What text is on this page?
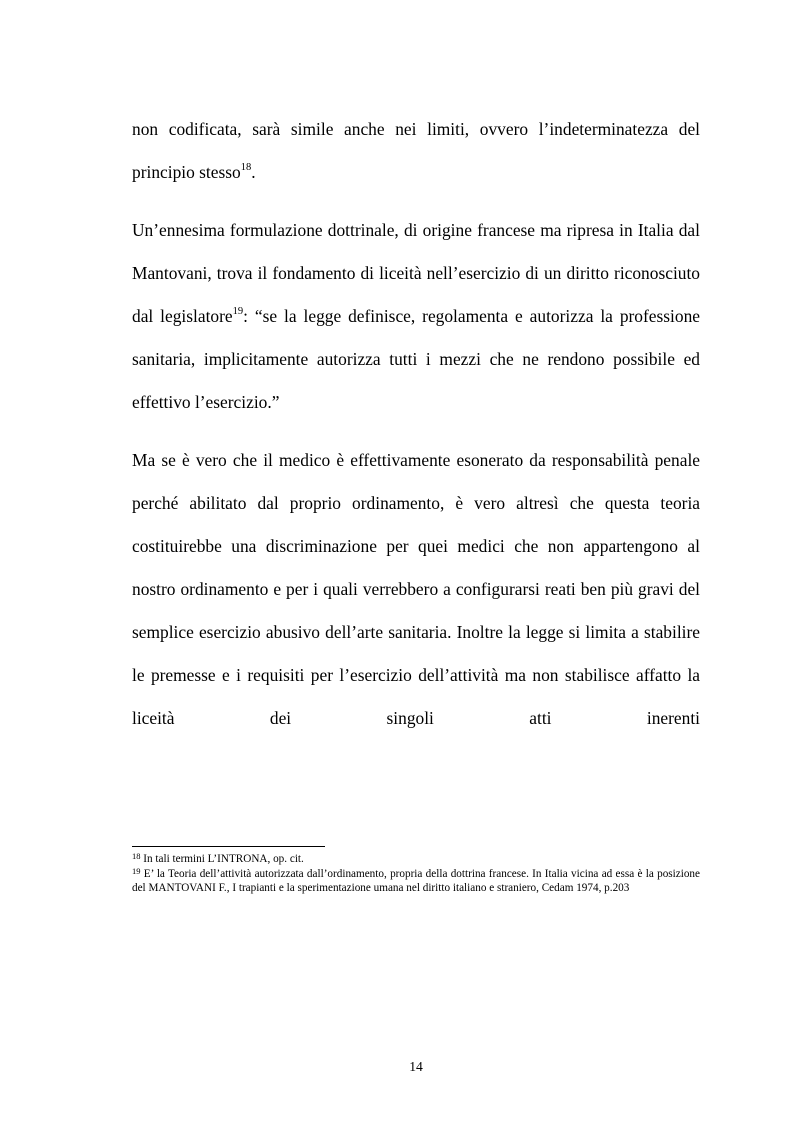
non codificata, sarà simile anche nei limiti, ovvero l’indeterminatezza del principio stesso$^{18}$.

Un’ennesima formulazione dottrinale, di origine francese ma ripresa in Italia dal Mantovani, trova il fondamento di liceità nell’esercizio di un diritto riconosciuto dal legislatore$^{19}$: “se la legge definisce, regolamenta e autorizza la professione sanitaria, implicitamente autorizza tutti i mezzi che ne rendono possibile ed effettivo l’esercizio.”

Ma se è vero che il medico è effettivamente esonerato da responsabilità penale perché abilitato dal proprio ordinamento, è vero altresì che questa teoria costituirebbe una discriminazione per quei medici che non appartengono al nostro ordinamento e per i quali verrebbero a configurarsi reati ben più gravi del semplice esercizio abusivo dell’arte sanitaria. Inoltre la legge si limita a stabilire le premesse e i requisiti per l’esercizio dell’attività ma non stabilisce affatto la liceità dei singoli atti inerenti

$^{18}$ In tali termini L’INTRONA, op. cit.

$^{19}$ E’ la Teoria dell’attività autorizzata dall’ordinamento, propria della dottrina francese. In Italia vicina ad essa è la posizione del MANTOVANI F., I trapianti e la sperimentazione umana nel diritto italiano e straniero, Cedam 1974, p.203

14
